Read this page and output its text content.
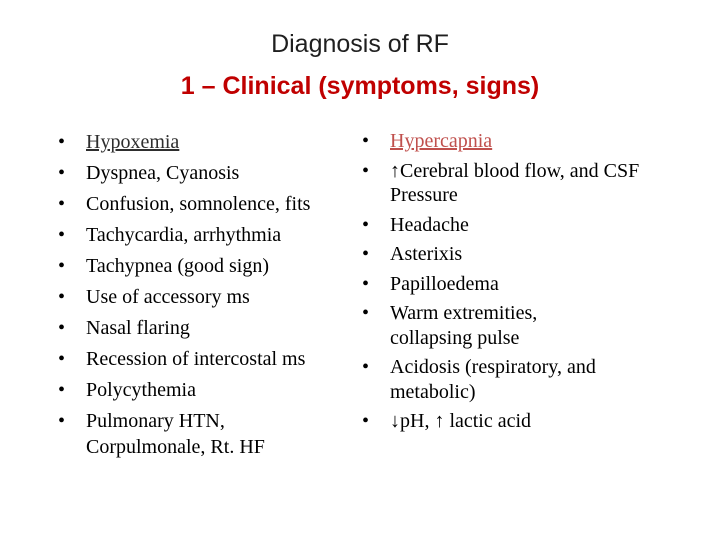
Diagnosis of RF
1 – Clinical (symptoms, signs)
•	Hypoxemia
•	Dyspnea, Cyanosis
•	Confusion, somnolence, fits
•	Tachycardia, arrhythmia
•	Tachypnea (good sign)
•	Use of accessory ms
•	Nasal flaring
•	Recession of intercostal ms
•	Polycythemia
•	Pulmonary HTN, Corpulmonale, Rt. HF
•	Hypercapnia
•	↑Cerebral blood flow, and CSF Pressure
•	Headache
•	Asterixis
•	Papilloedema
•	Warm extremities, collapsing pulse
•	Acidosis (respiratory, and metabolic)
•	↓pH, ↑ lactic acid
